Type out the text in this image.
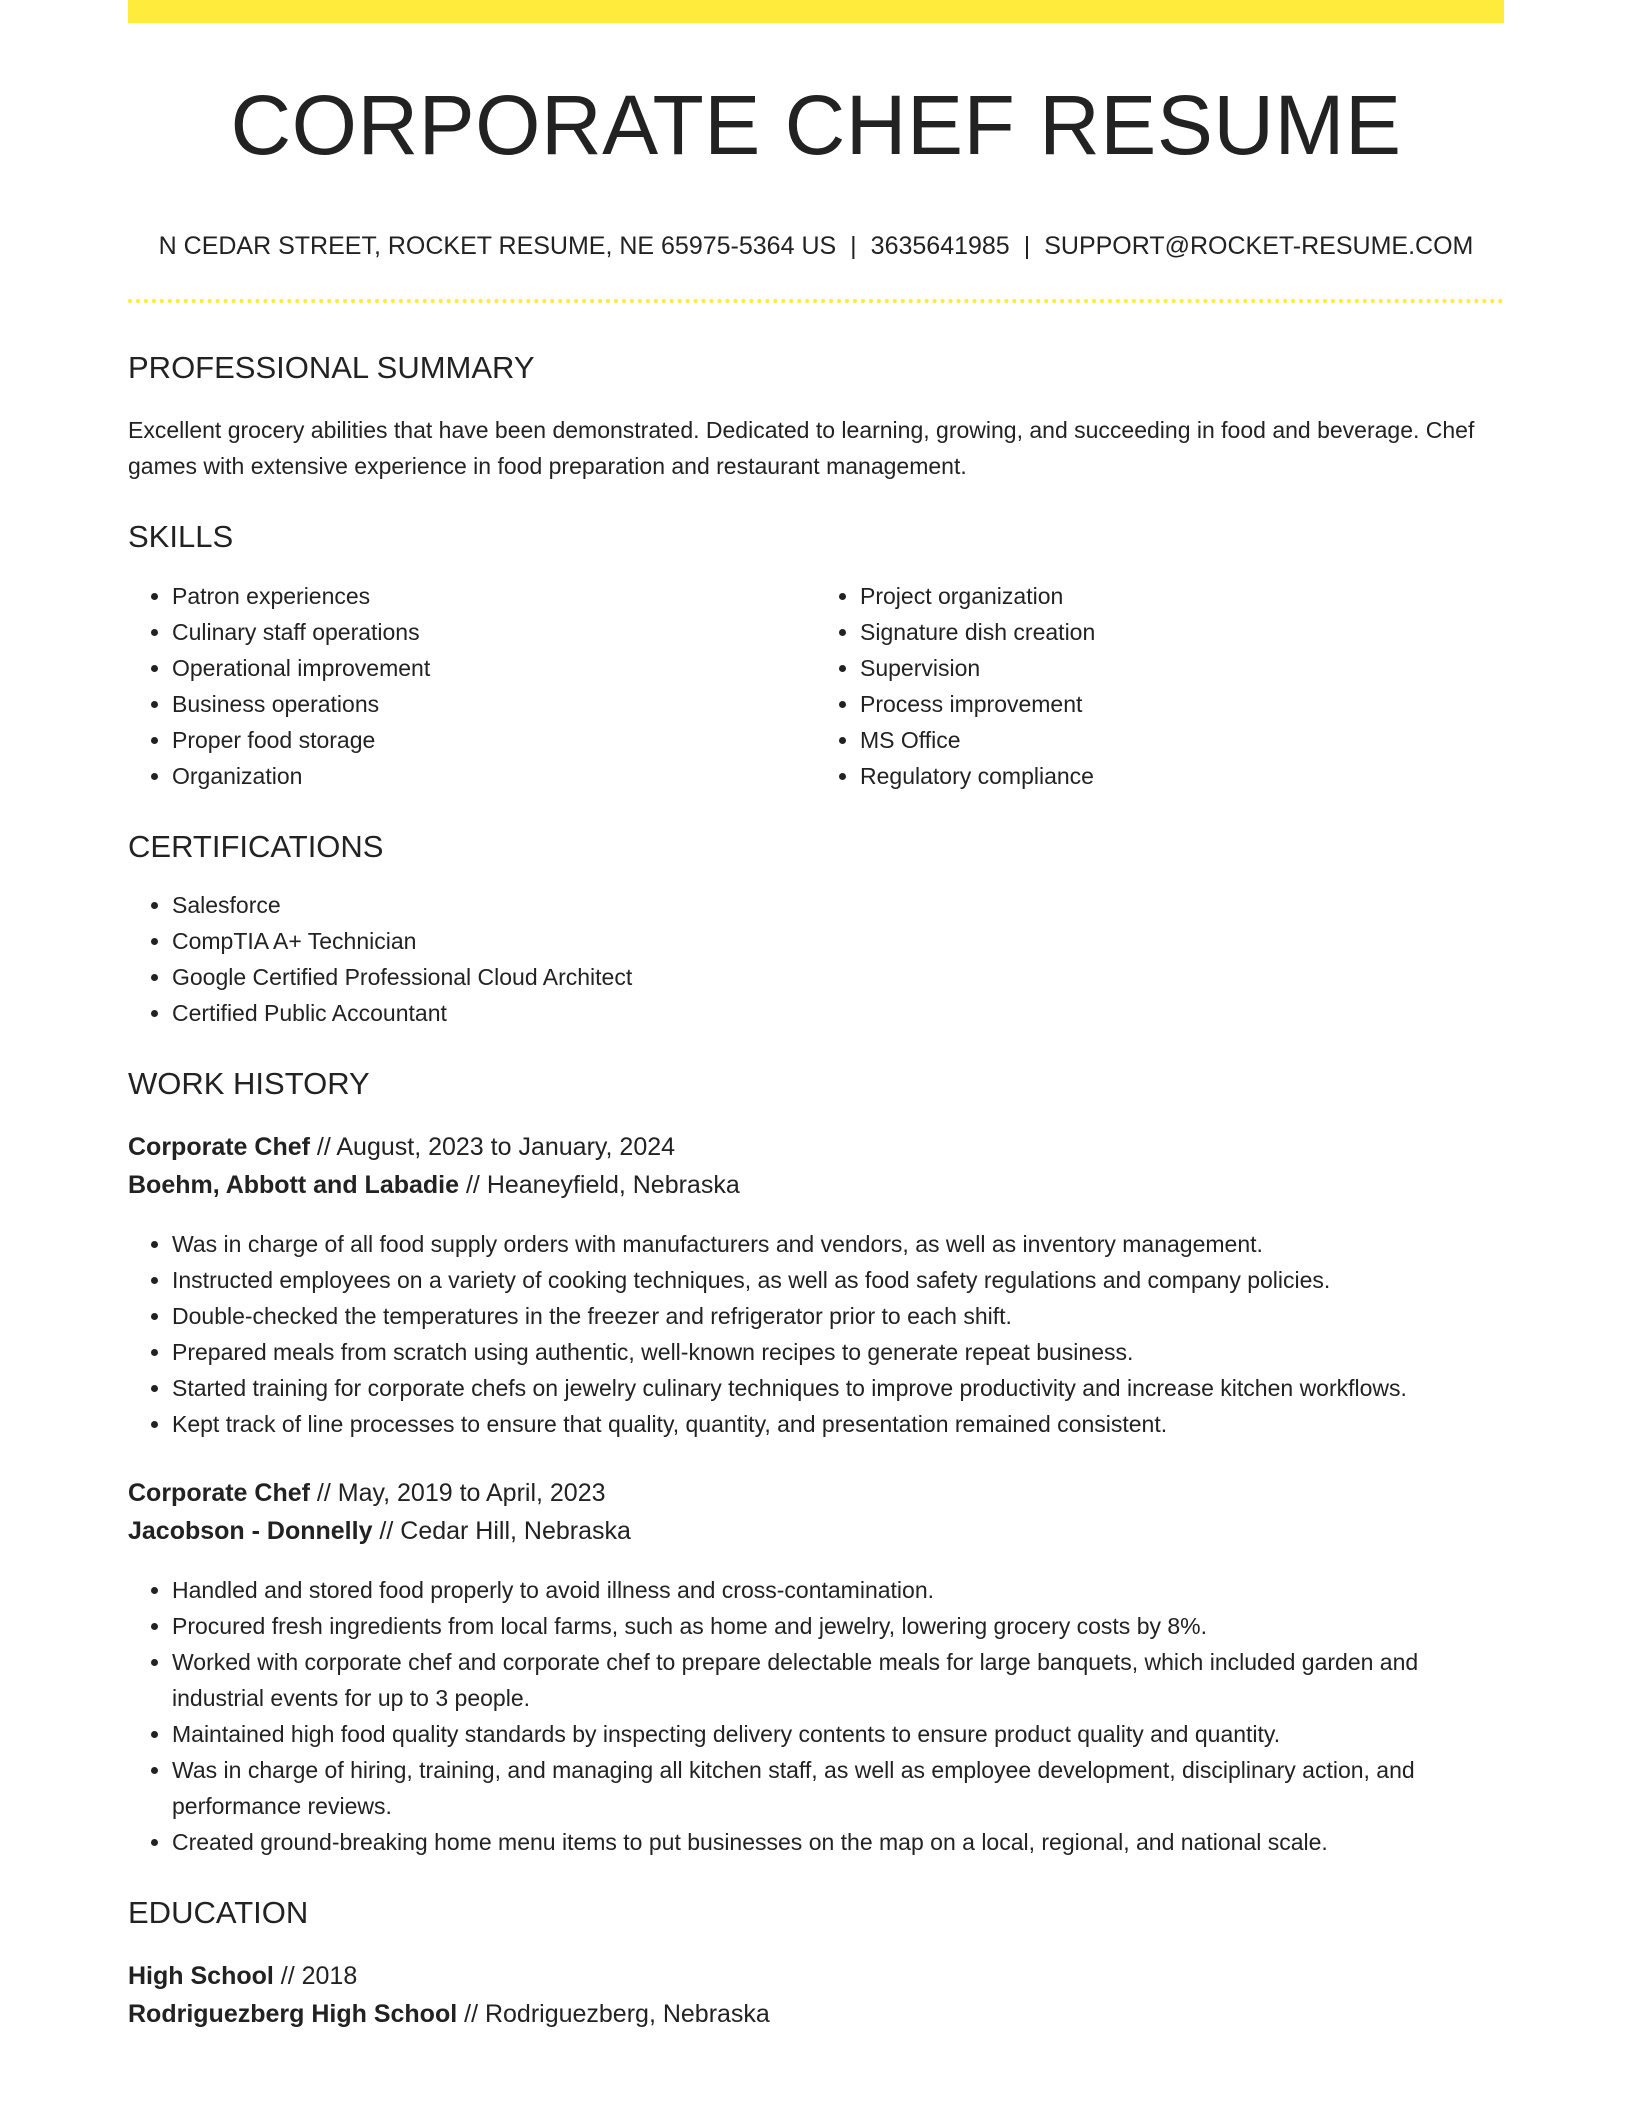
CORPORATE CHEF RESUME
N CEDAR STREET, ROCKET RESUME, NE 65975-5364 US | 3635641985 | SUPPORT@ROCKET-RESUME.COM
PROFESSIONAL SUMMARY

Excellent grocery abilities that have been demonstrated. Dedicated to learning, growing, and succeeding in food and beverage. Chef games with extensive experience in food preparation and restaurant management.

SKILLS
• Patron experiences
• Culinary staff operations
• Operational improvement
• Business operations
• Proper food storage
• Organization
• Project organization
• Signature dish creation
• Supervision
• Process improvement
• MS Office
• Regulatory compliance
CERTIFICATIONS
• Salesforce
• CompTIA A+ Technician
• Google Certified Professional Cloud Architect
• Certified Public Accountant
WORK HISTORY

Corporate Chef // August, 2023 to January, 2024

Boehm, Abbott and Labadie // Heaneyfield, Nebraska

• Was in charge of all food supply orders with manufacturers and vendors, as well as inventory management.
• Instructed employees on a variety of cooking techniques, as well as food safety regulations and company policies.
• Double-checked the temperatures in the freezer and refrigerator prior to each shift.
• Prepared meals from scratch using authentic, well-known recipes to generate repeat business.
• Started training for corporate chefs on jewelry culinary techniques to improve productivity and increase kitchen workflows.
• Kept track of line processes to ensure that quality, quantity, and presentation remained consistent.

Corporate Chef // May, 2019 to April, 2023

Jacobson - Donnelly // Cedar Hill, Nebraska

• Handled and stored food properly to avoid illness and cross-contamination.
• Procured fresh ingredients from local farms, such as home and jewelry, lowering grocery costs by 8%.
• Worked with corporate chef and corporate chef to prepare delectable meals for large banquets, which included garden and industrial events for up to 3 people.
• Maintained high food quality standards by inspecting delivery contents to ensure product quality and quantity.
• Was in charge of hiring, training, and managing all kitchen staff, as well as employee development, disciplinary action, and performance reviews.
• Created ground-breaking home menu items to put businesses on the map on a local, regional, and national scale.
EDUCATION

High School // 2018

Rodriguezberg High School // Rodriguezberg, Nebraska
